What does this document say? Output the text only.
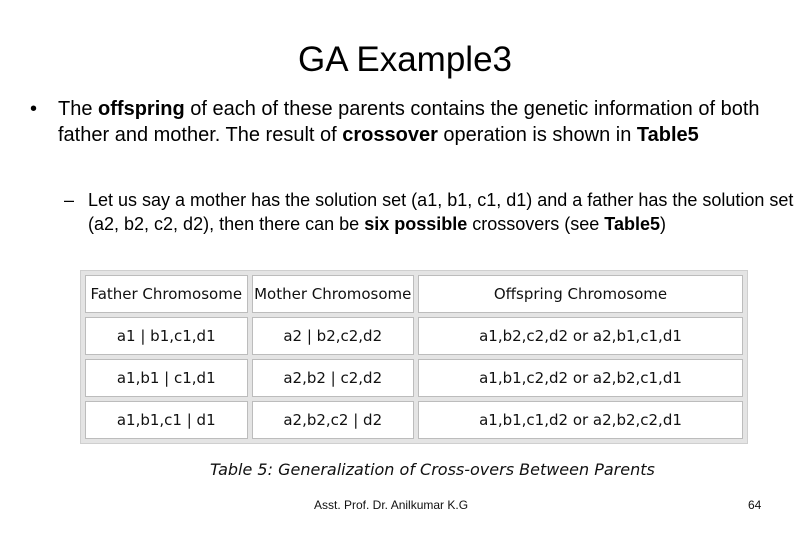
GA Example3
• The offspring of each of these parents contains the genetic information of both father and mother. The result of crossover operation is shown in Table5
– Let us say a mother has the solution set (a1, b1, c1, d1) and a father has the solution set (a2, b2, c2, d2), then there can be six possible crossovers (see Table5)
Father Chromosome	Mother Chromosome	Offspring Chromosome
a1 | b1,c1,d1	a2 | b2,c2,d2	a1,b2,c2,d2 or a2,b1,c1,d1
a1,b1 | c1,d1	a2,b2 | c2,d2	a1,b1,c2,d2 or a2,b2,c1,d1
a1,b1,c1 | d1	a2,b2,c2 | d2	a1,b1,c1,d2 or a2,b2,c2,d1
Table 5: Generalization of Cross-overs Between Parents
Asst. Prof. Dr. Anilkumar K.G	64
